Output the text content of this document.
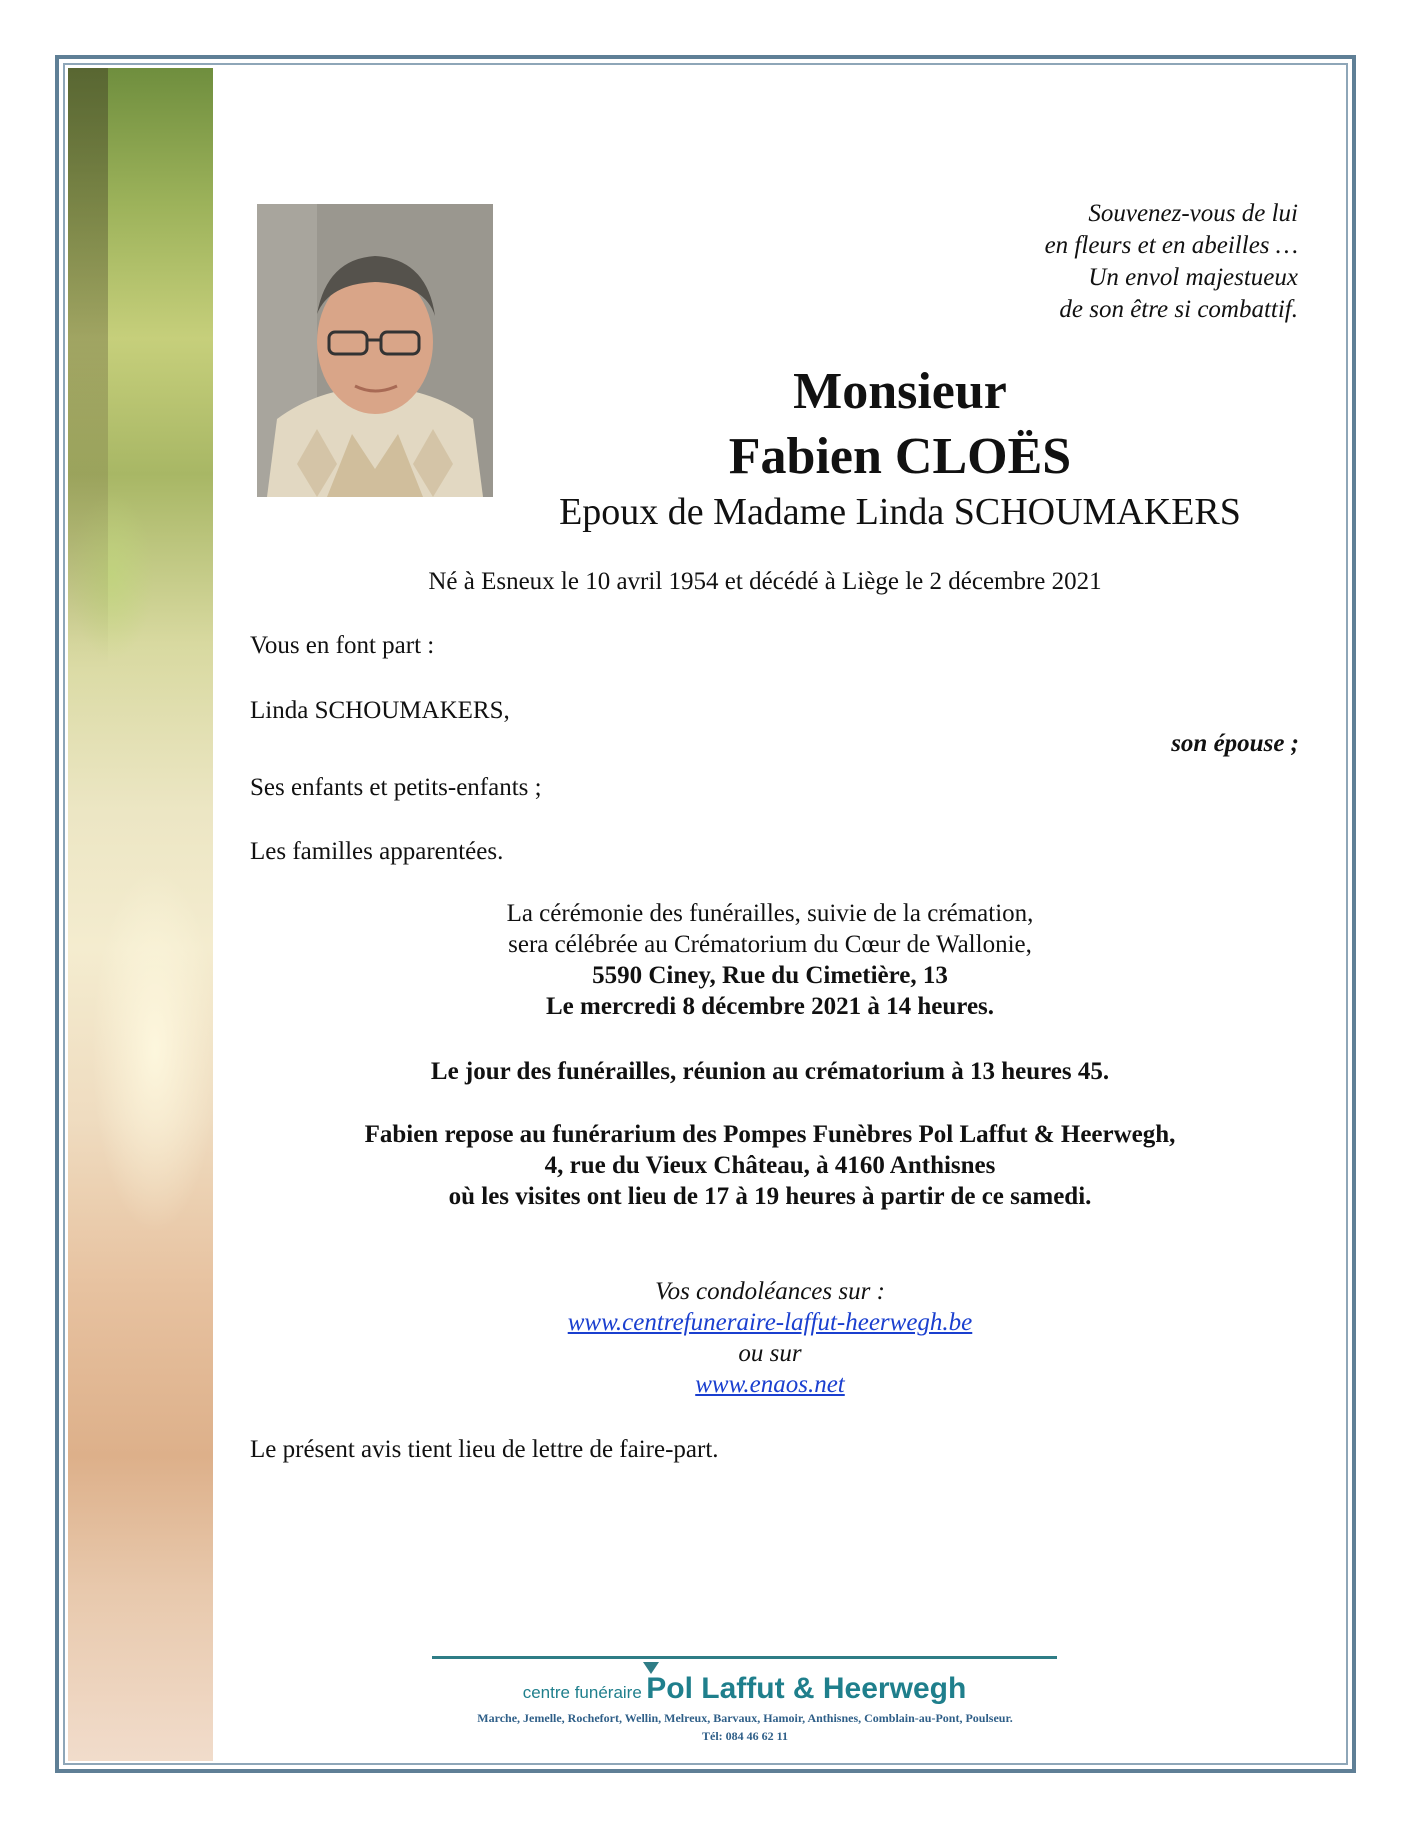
Souvenez-vous de lui
en fleurs et en abeilles …
Un envol majestueux
de son être si combattif.
Monsieur
Fabien CLOËS
Epoux de Madame Linda SCHOUMAKERS
Né à Esneux le 10 avril 1954 et décédé à Liège le 2 décembre 2021
Vous en font part :
Linda SCHOUMAKERS,
son épouse ;
Ses enfants et petits-enfants ;
Les familles apparentées.
La cérémonie des funérailles, suivie de la crémation,
sera célébrée au Crématorium du Cœur de Wallonie,
5590 Ciney, Rue du Cimetière, 13
Le mercredi 8 décembre 2021 à 14 heures.
Le jour des funérailles, réunion au crématorium à 13 heures 45.
Fabien repose au funérarium des Pompes Funèbres Pol Laffut & Heerwegh,
4, rue du Vieux Château, à 4160 Anthisnes
où les visites ont lieu de 17 à 19 heures à partir de ce samedi.
Vos condoléances sur :
www.centrefuneraire-laffut-heerwegh.be
ou sur
www.enaos.net
Le présent avis tient lieu de lettre de faire-part.
centre funéraire Pol Laffut & Heerwegh
Marche, Jemelle, Rochefort, Wellin, Melreux, Barvaux, Hamoir, Anthisnes, Comblain-au-Pont, Poulseur.
Tél: 084 46 62 11
